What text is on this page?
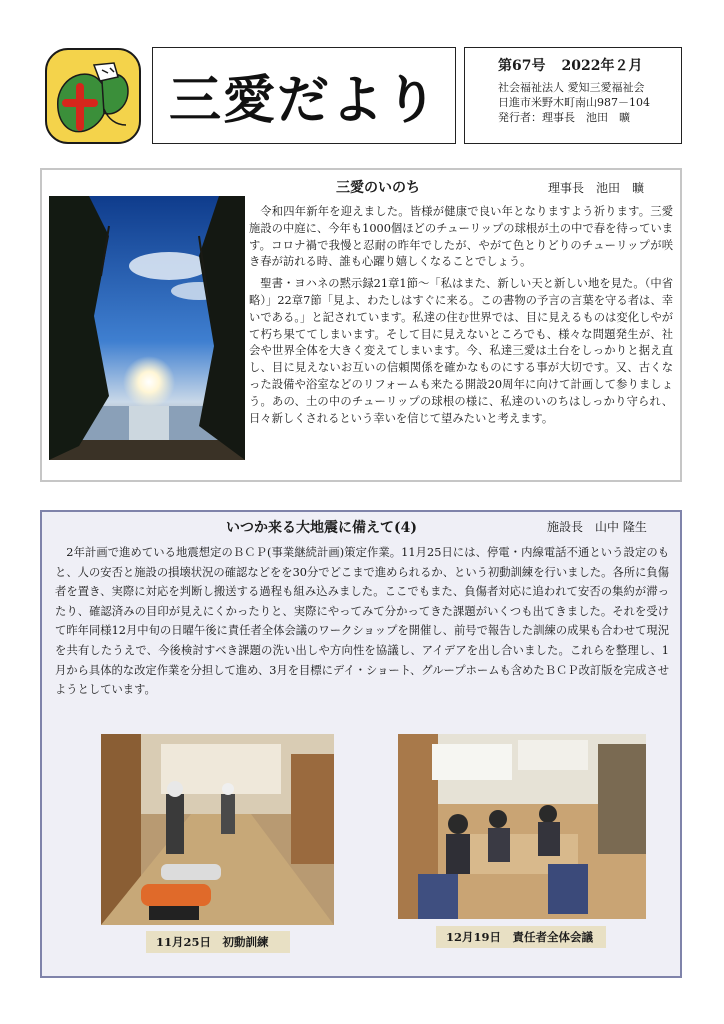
三愛だより
第67号 2022年２月
社会福祉法人 愛知三愛福祉会
日進市米野木町南山987－104
発行者：理事長　池田　曠
三愛のいのち	理事長　池田　曠

令和四年新年を迎えました。皆様が健康で良い年となりますよう祈ります。三愛施設の中庭に、今年も1000個ほどのチューリップの球根が土の中で春を待っています。コロナ禍で我慢と忍耐の昨年でしたが、やがて色とりどりのチューリップが咲き春が訪れる時、誰も心躍り嬉しくなることでしょう。

聖書・ヨハネの黙示録21章1節～「私はまた、新しい天と新しい地を見た。（中省略）」22章7節「見よ、わたしはすぐに来る。この書物の予言の言葉を守る者は、幸いである。」と記されています。私達の住む世界では、目に見えるものは変化しやがて朽ち果ててしまいます。そして目に見えないところでも、様々な問題発生が、社会や世界全体を大きく変えてしまいます。今、私達三愛は土台をしっかりと据え直し、目に見えないお互いの信頼関係を確かなものにする事が大切です。又、古くなった設備や浴室などのリフォームも来たる開設20周年に向けて計画して参りましょう。あの、土の中のチューリップの球根の様に、私達のいのちはしっかり守られ、日々新しくされるという幸いを信じて望みたいと考えます。

いつか来る大地震に備えて(4)	施設長　山中 隆生

2年計画で進めている地震想定のＢＣＰ(事業継続計画)策定作業。11月25日には、停電・内線電話不通という設定のもと、人の安否と施設の損壊状況の確認などをを30分でどこまで進められるか、という初動訓練を行いました。各所に負傷者を置き、実際に対応を判断し搬送する過程も組み込みました。ここでもまた、負傷者対応に追われて安否の集約が滞ったり、確認済みの目印が見えにくかったりと、実際にやってみて分かってきた課題がいくつも出てきました。それを受けて昨年同様12月中旬の日曜午後に責任者全体会議のワークショップを開催し、前号で報告した訓練の成果も合わせて現況を共有したうえで、今後検討すべき課題の洗い出しや方向性を協議し、アイデアを出し合いました。これらを整理し、1月から具体的な改定作業を分担して進め、3月を目標にデイ・ショート、グループホームも含めたＢＣＰ改訂版を完成させようとしています。

11月25日　初動訓練	12月19日　責任者全体会議
